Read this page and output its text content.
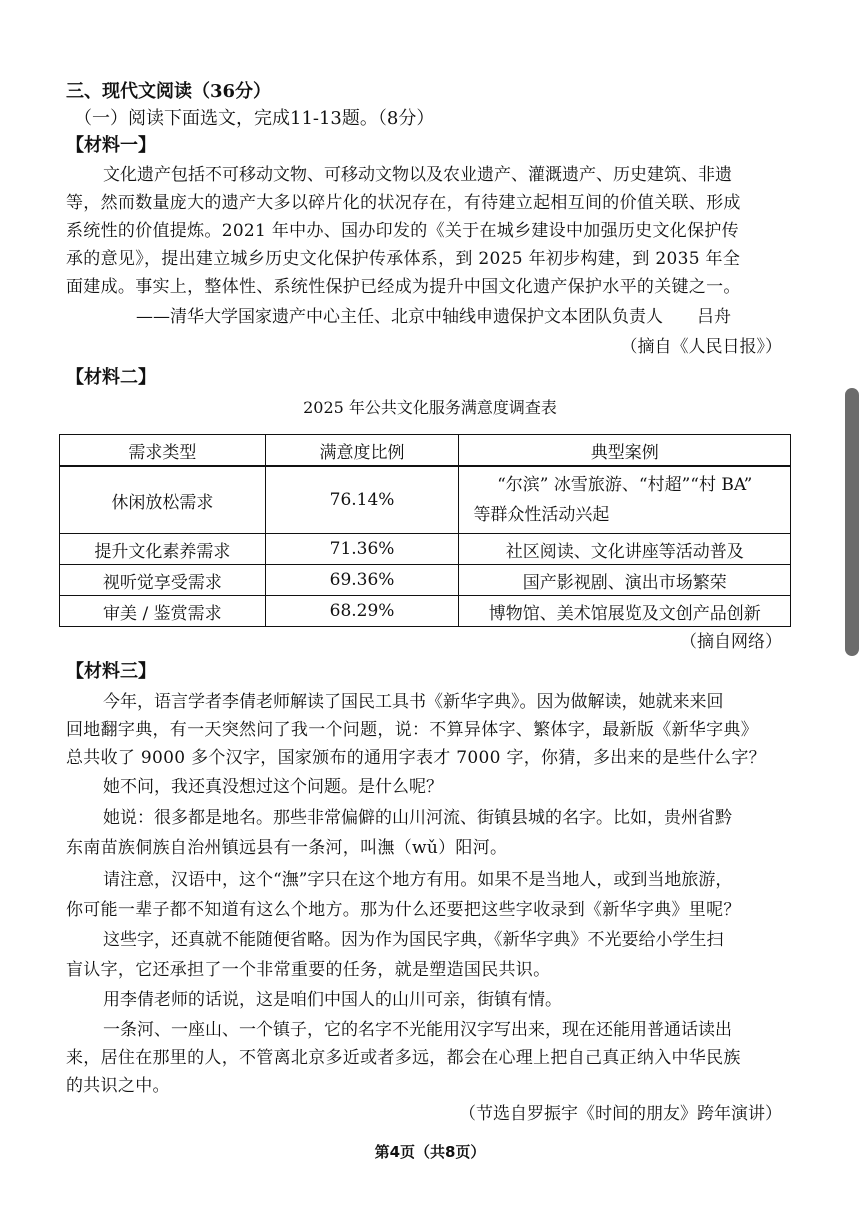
三、现代文阅读（36分）
（一）阅读下面选文，完成11-13题。（8分）
【材料一】
文化遗产包括不可移动文物、可移动文物以及农业遗产、灌溉遗产、历史建筑、非遗
等，然而数量庞大的遗产大多以碎片化的状况存在，有待建立起相互间的价值关联、形成
系统性的价值提炼。2021 年中办、国办印发的《关于在城乡建设中加强历史文化保护传
承的意见》，提出建立城乡历史文化保护传承体系，到 2025 年初步构建，到 2035 年全
面建成。事实上，整体性、系统性保护已经成为提升中国文化遗产保护水平的关键之一。
——清华大学国家遗产中心主任、北京中轴线申遗保护文本团队负责人　　吕舟
（摘自《人民日报》）
【材料二】
2025 年公共文化服务满意度调查表
需求类型	满意度比例	典型案例
休闲放松需求	76.14%	“尔滨” 冰雪旅游、“村超”“村 BA”
等群众性活动兴起

提升文化素养需求	71.36%	社区阅读、文化讲座等活动普及
视听觉享受需求	69.36%	国产影视剧、演出市场繁荣
审美 / 鉴赏需求	68.29%	博物馆、美术馆展览及文创产品创新
（摘自网络）
【材料三】
今年，语言学者李倩老师解读了国民工具书《新华字典》。因为做解读，她就来来回
回地翻字典，有一天突然问了我一个问题，说：不算异体字、繁体字，最新版《新华字典》
总共收了 9000 多个汉字，国家颁布的通用字表才 7000 字，你猜，多出来的是些什么字？
她不问，我还真没想过这个问题。是什么呢？
她说：很多都是地名。那些非常偏僻的山川河流、街镇县城的名字。比如，贵州省黔
东南苗族侗族自治州镇远县有一条河，叫潕（wǔ）阳河。
请注意，汉语中，这个“潕”字只在这个地方有用。如果不是当地人，或到当地旅游，
你可能一辈子都不知道有这么个地方。那为什么还要把这些字收录到《新华字典》里呢？
这些字，还真就不能随便省略。因为作为国民字典，《新华字典》不光要给小学生扫
盲认字，它还承担了一个非常重要的任务，就是塑造国民共识。
用李倩老师的话说，这是咱们中国人的山川可亲，街镇有情。
一条河、一座山、一个镇子，它的名字不光能用汉字写出来，现在还能用普通话读出
来，居住在那里的人，不管离北京多近或者多远，都会在心理上把自己真正纳入中华民族
的共识之中。
（节选自罗振宇《时间的朋友》跨年演讲）
第4页（共8页）
